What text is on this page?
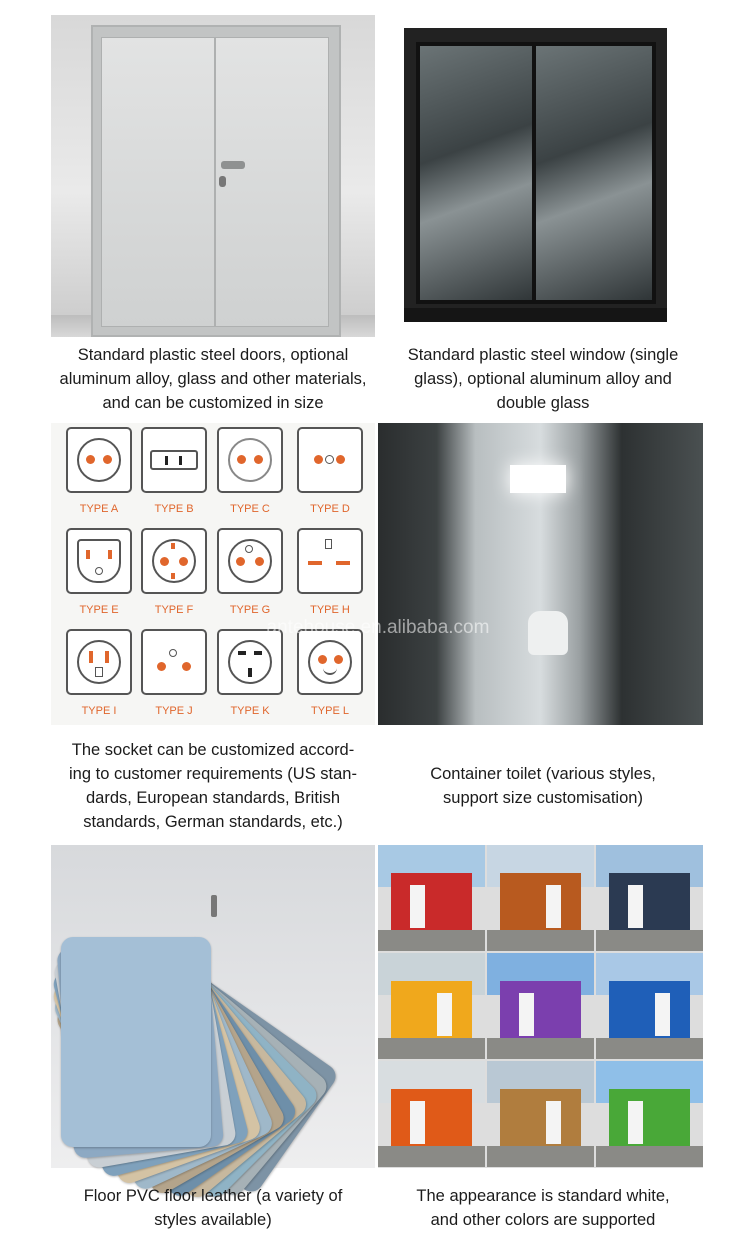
Standard plastic steel doors, optional
aluminum alloy, glass and other materials,
and can be customized in size
Standard plastic steel window (single
glass), optional aluminum alloy and
double glass
TYPE A	TYPE B	TYPE C	TYPE D
TYPE E	TYPE F	TYPE G	TYPE H
TYPE I	TYPE J	TYPE K	TYPE L
antehouse.en.alibaba.com
The socket can be customized accord-
ing to customer requirements (US stan-
dards, European standards, British
standards, German standards, etc.)
Container toilet (various styles,
support size customisation)
Floor PVC floor leather (a variety of
styles available)
The appearance is standard white,
and other colors are supported
